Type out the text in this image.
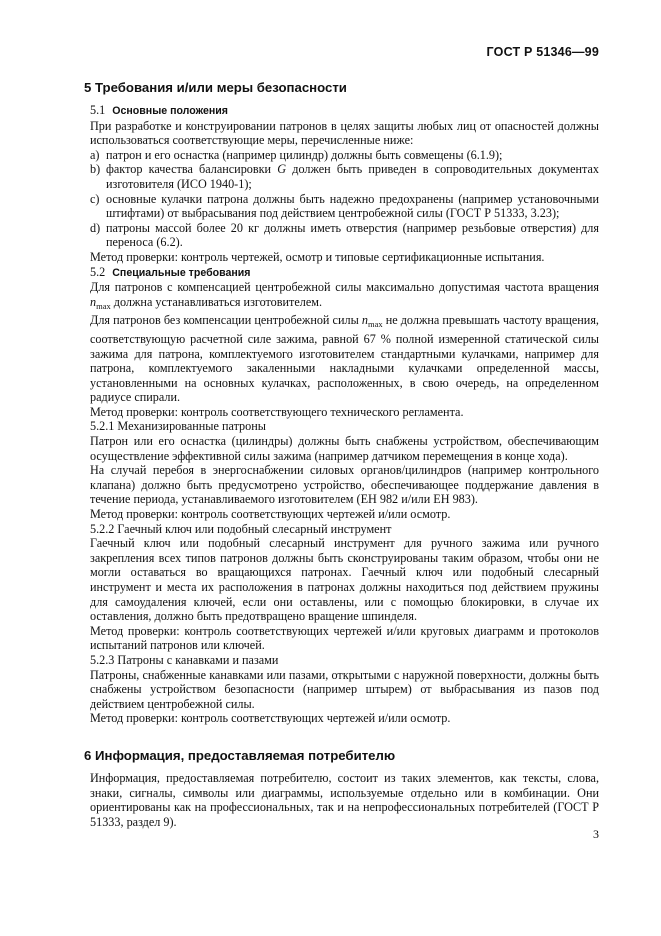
ГОСТ Р 51346—99
5 Требования и/или меры безопасности

5.1 Основные положения

При разработке и конструировании патронов в целях защиты любых лиц от опасностей должны использоваться соответствующие меры, перечисленные ниже:

a) патрон и его оснастка (например цилиндр) должны быть совмещены (6.1.9);
b) фактор качества балансировки G должен быть приведен в сопроводительных документах изготовителя (ИСО 1940-1);
c) основные кулачки патрона должны быть надежно предохранены (например установочными штифтами) от выбрасывания под действием центробежной силы (ГОСТ Р 51333, 3.23);
d) патроны массой более 20 кг должны иметь отверстия (например резьбовые отверстия) для переноса (6.2).

Метод проверки: контроль чертежей, осмотр и типовые сертификационные испытания.

5.2 Специальные требования

Для патронов с компенсацией центробежной силы максимально допустимая частота вращения $n_{max}$ должна устанавливаться изготовителем.

Для патронов без компенсации центробежной силы $n_{max}$ не должна превышать частоту вращения, соответствующую расчетной силе зажима, равной 67 % полной измеренной статической силы зажима для патрона, комплектуемого изготовителем стандартными кулачками, например для патрона, комплектуемого закаленными накладными кулачками определенной массы, установленными на основных кулачках, расположенных, в свою очередь, на определенном радиусе спирали.

Метод проверки: контроль соответствующего технического регламента.

5.2.1 Механизированные патроны

Патрон или его оснастка (цилиндры) должны быть снабжены устройством, обеспечивающим осуществление эффективной силы зажима (например датчиком перемещения в конце хода).

На случай перебоя в энергоснабжении силовых органов/цилиндров (например контрольного клапана) должно быть предусмотрено устройство, обеспечивающее поддержание давления в течение периода, устанавливаемого изготовителем (ЕН 982 и/или ЕН 983).

Метод проверки: контроль соответствующих чертежей и/или осмотр.

5.2.2 Гаечный ключ или подобный слесарный инструмент

Гаечный ключ или подобный слесарный инструмент для ручного зажима или ручного закрепления всех типов патронов должны быть сконструированы таким образом, чтобы они не могли оставаться во вращающихся патронах. Гаечный ключ или подобный слесарный инструмент и места их расположения в патронах должны находиться под действием пружины для самоудаления ключей, если они оставлены, или с помощью блокировки, в случае их оставления, должно быть предотвращено вращение шпинделя.

Метод проверки: контроль соответствующих чертежей и/или круговых диаграмм и протоколов испытаний патронов или ключей.

5.2.3 Патроны с канавками и пазами

Патроны, снабженные канавками или пазами, открытыми с наружной поверхности, должны быть снабжены устройством безопасности (например штырем) от выбрасывания из пазов под действием центробежной силы.

Метод проверки: контроль соответствующих чертежей и/или осмотр.

6 Информация, предоставляемая потребителю

Информация, предоставляемая потребителю, состоит из таких элементов, как тексты, слова, знаки, сигналы, символы или диаграммы, используемые отдельно или в комбинации. Они ориентированы как на профессиональных, так и на непрофессиональных потребителей (ГОСТ Р 51333, раздел 9).

3
